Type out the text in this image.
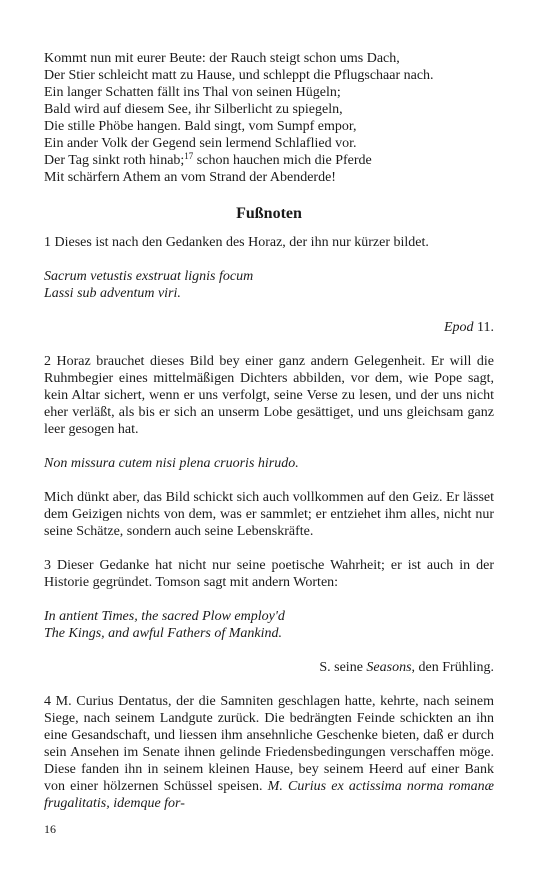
Kommt nun mit eurer Beute: der Rauch steigt schon ums Dach,
Der Stier schleicht matt zu Hause, und schleppt die Pflugschaar nach.
Ein langer Schatten fällt ins Thal von seinen Hügeln;
Bald wird auf diesem See, ihr Silberlicht zu spiegeln,
Die stille Phöbe hangen. Bald singt, vom Sumpf empor,
Ein ander Volk der Gegend sein lermend Schlaflied vor.
Der Tag sinkt roth hinab;$^{17}$ schon hauchen mich die Pferde
Mit schärfern Athem an vom Strand der Abenderde!
Fußnoten

1 Dieses ist nach den Gedanken des Horaz, der ihn nur kürzer bildet.

Sacrum vetustis exstruat lignis focum
Lassi sub adventum viri.

Epod 11.

2 Horaz brauchet dieses Bild bey einer ganz andern Gelegenheit. Er will die Ruhmbegier eines mittelmäßigen Dichters abbilden, vor dem, wie Pope sagt, kein Altar sichert, wenn er uns verfolgt, seine Verse zu lesen, und der uns nicht eher verläßt, als bis er sich an unserm Lobe gesättiget, und uns gleichsam ganz leer gesogen hat.

Non missura cutem nisi plena cruoris hirudo.

Mich dünkt aber, das Bild schickt sich auch vollkommen auf den Geiz. Er lässet dem Geizigen nichts von dem, was er sammlet; er entziehet ihm alles, nicht nur seine Schätze, sondern auch seine Lebenskräfte.

3 Dieser Gedanke hat nicht nur seine poetische Wahrheit; er ist auch in der Historie gegründet. Tomson sagt mit andern Worten:

In antient Times, the sacred Plow employ'd
The Kings, and awful Fathers of Mankind.

S. seine Seasons, den Frühling.

4 M. Curius Dentatus, der die Samniten geschlagen hatte, kehrte, nach seinem Siege, nach seinem Landgute zurück. Die bedrängten Feinde schickten an ihn eine Gesandschaft, und liessen ihm ansehnliche Geschenke bieten, daß er durch sein Ansehen im Senate ihnen gelinde Friedensbedingungen verschaffen möge. Diese fanden ihn in seinem kleinen Hause, bey seinem Heerd auf einer Bank von einer hölzernen Schüssel speisen. M. Curius ex actissima norma romanæ frugalitatis, idemque for-

16
